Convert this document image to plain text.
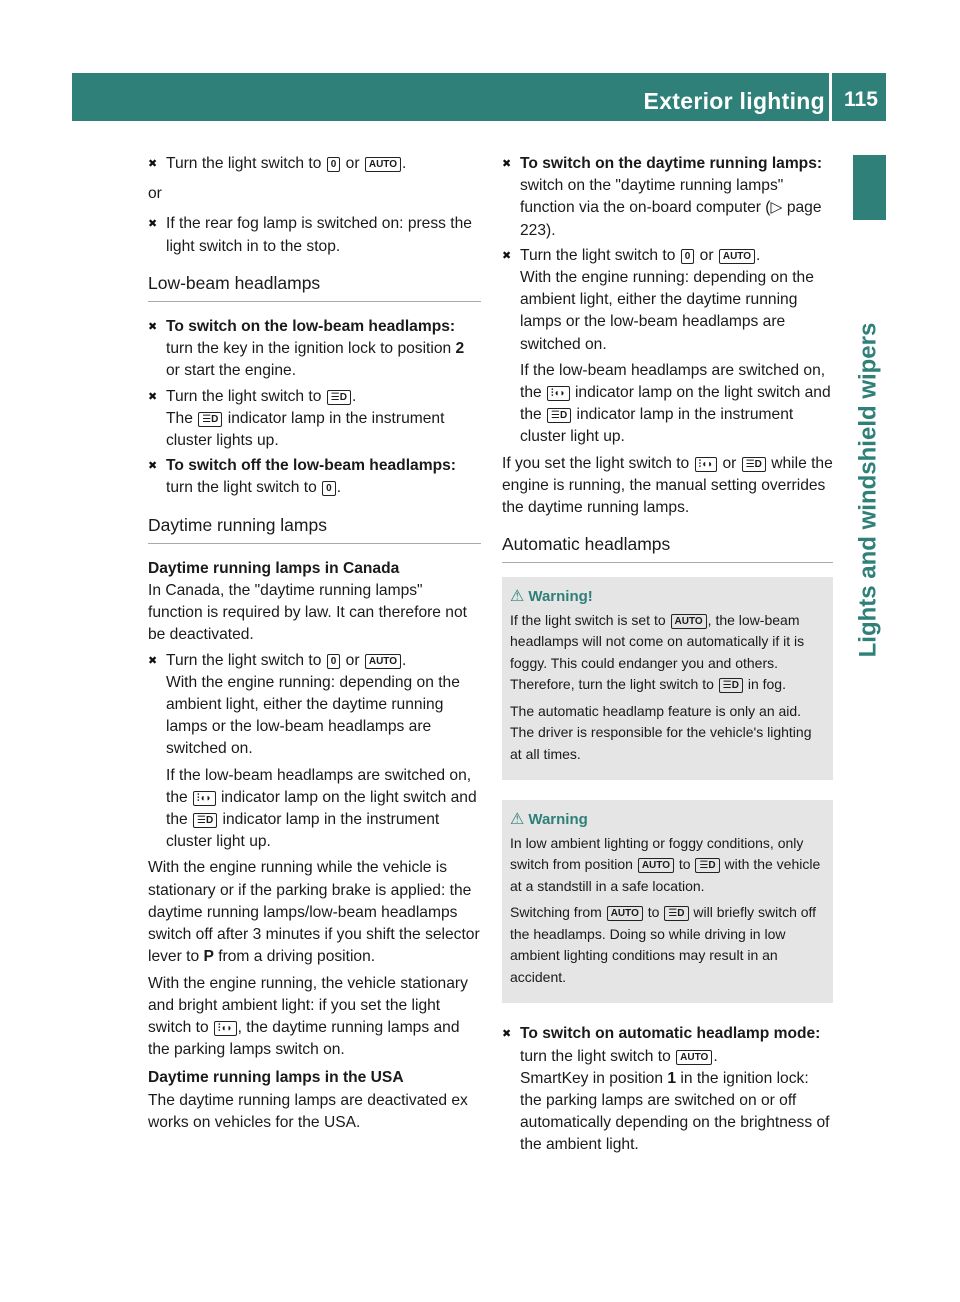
Exterior lighting 115
Lights and windshield wipers
✖ Turn the light switch to 0 or AUTO .

or

✖ If the rear fog lamp is switched on: press the light switch in to the stop.
Low-beam headlamps
✖ To switch on the low-beam headlamps: turn the key in the ignition lock to position 2 or start the engine.
✖ Turn the light switch to ☰D .
The ☰D indicator lamp in the instrument cluster lights up.
✖ To switch off the low-beam headlamps: turn the light switch to 0 .
Daytime running lamps
Daytime running lamps in Canada

In Canada, the "daytime running lamps" function is required by law. It can therefore not be deactivated.

✖ Turn the light switch to 0 or AUTO .
With the engine running: depending on the ambient light, either the daytime running lamps or the low-beam headlamps are switched on.
If the low-beam headlamps are switched on, the ⫶◖◗ indicator lamp on the light switch and the ☰D indicator lamp in the instrument cluster light up.

With the engine running while the vehicle is stationary or if the parking brake is applied: the daytime running lamps/low-beam headlamps switch off after 3 minutes if you shift the selector lever to P from a driving position.

With the engine running, the vehicle stationary and bright ambient light: if you set the light switch to ⫶◖◗ , the daytime running lamps and the parking lamps switch on.

Daytime running lamps in the USA

The daytime running lamps are deactivated ex works on vehicles for the USA.

✖ To switch on the daytime running lamps: switch on the "daytime running lamps" function via the on-board computer (▷ page 223).
✖ Turn the light switch to 0 or AUTO .
With the engine running: depending on the ambient light, either the daytime running lamps or the low-beam headlamps are switched on.
If the low-beam headlamps are switched on, the ⫶◖◗ indicator lamp on the light switch and the ☰D indicator lamp in the instrument cluster light up.

If you set the light switch to ⫶◖◗ or ☰D while the engine is running, the manual setting overrides the daytime running lamps.

Automatic headlamps
⚠ Warning!

If the light switch is set to AUTO , the low-beam headlamps will not come on automatically if it is foggy. This could endanger you and others. Therefore, turn the light switch to ☰D in fog.

The automatic headlamp feature is only an aid. The driver is responsible for the vehicle's lighting at all times.

⚠ Warning

In low ambient lighting or foggy conditions, only switch from position AUTO to ☰D with the vehicle at a standstill in a safe location.

Switching from AUTO to ☰D will briefly switch off the headlamps. Doing so while driving in low ambient lighting conditions may result in an accident.

✖ To switch on automatic headlamp mode: turn the light switch to AUTO .
SmartKey in position 1 in the ignition lock: the parking lamps are switched on or off automatically depending on the brightness of the ambient light.
